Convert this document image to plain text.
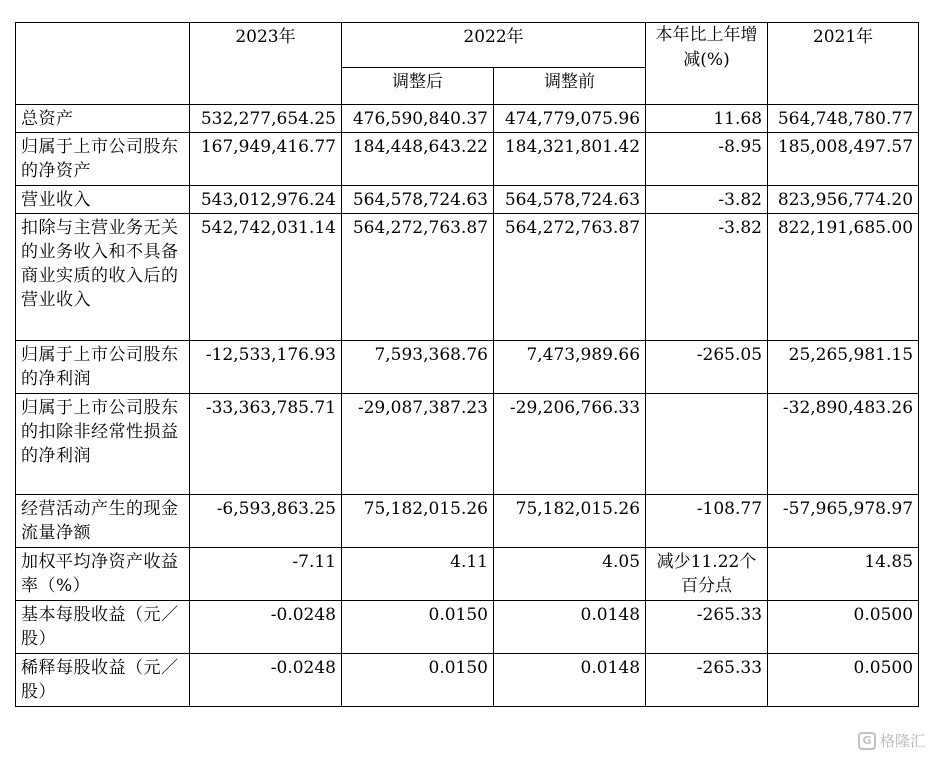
	2023年	2022年		本年比上年增减(%)	2021年
		调整后	调整前		
总资产	532,277,654.25	476,590,840.37	474,779,075.96	11.68	564,748,780.77
归属于上市公司股东的净资产	167,949,416.77	184,448,643.22	184,321,801.42	-8.95	185,008,497.57
营业收入	543,012,976.24	564,578,724.63	564,578,724.63	-3.82	823,956,774.20
扣除与主营业务无关的业务收入和不具备商业实质的收入后的营业收入	542,742,031.14	564,272,763.87	564,272,763.87	-3.82	822,191,685.00
归属于上市公司股东的净利润	-12,533,176.93	7,593,368.76	7,473,989.66	-265.05	25,265,981.15
归属于上市公司股东的扣除非经常性损益的净利润	-33,363,785.71	-29,087,387.23	-29,206,766.33		-32,890,483.26
经营活动产生的现金流量净额	-6,593,863.25	75,182,015.26	75,182,015.26	-108.77	-57,965,978.97
加权平均净资产收益率（%）	-7.11	4.11	4.05	减少11.22个百分点	14.85
基本每股收益（元／股）	-0.0248	0.0150	0.0148	-265.33	0.0500
稀释每股收益（元／股）	-0.0248	0.0150	0.0148	-265.33	0.0500
G 格隆汇
